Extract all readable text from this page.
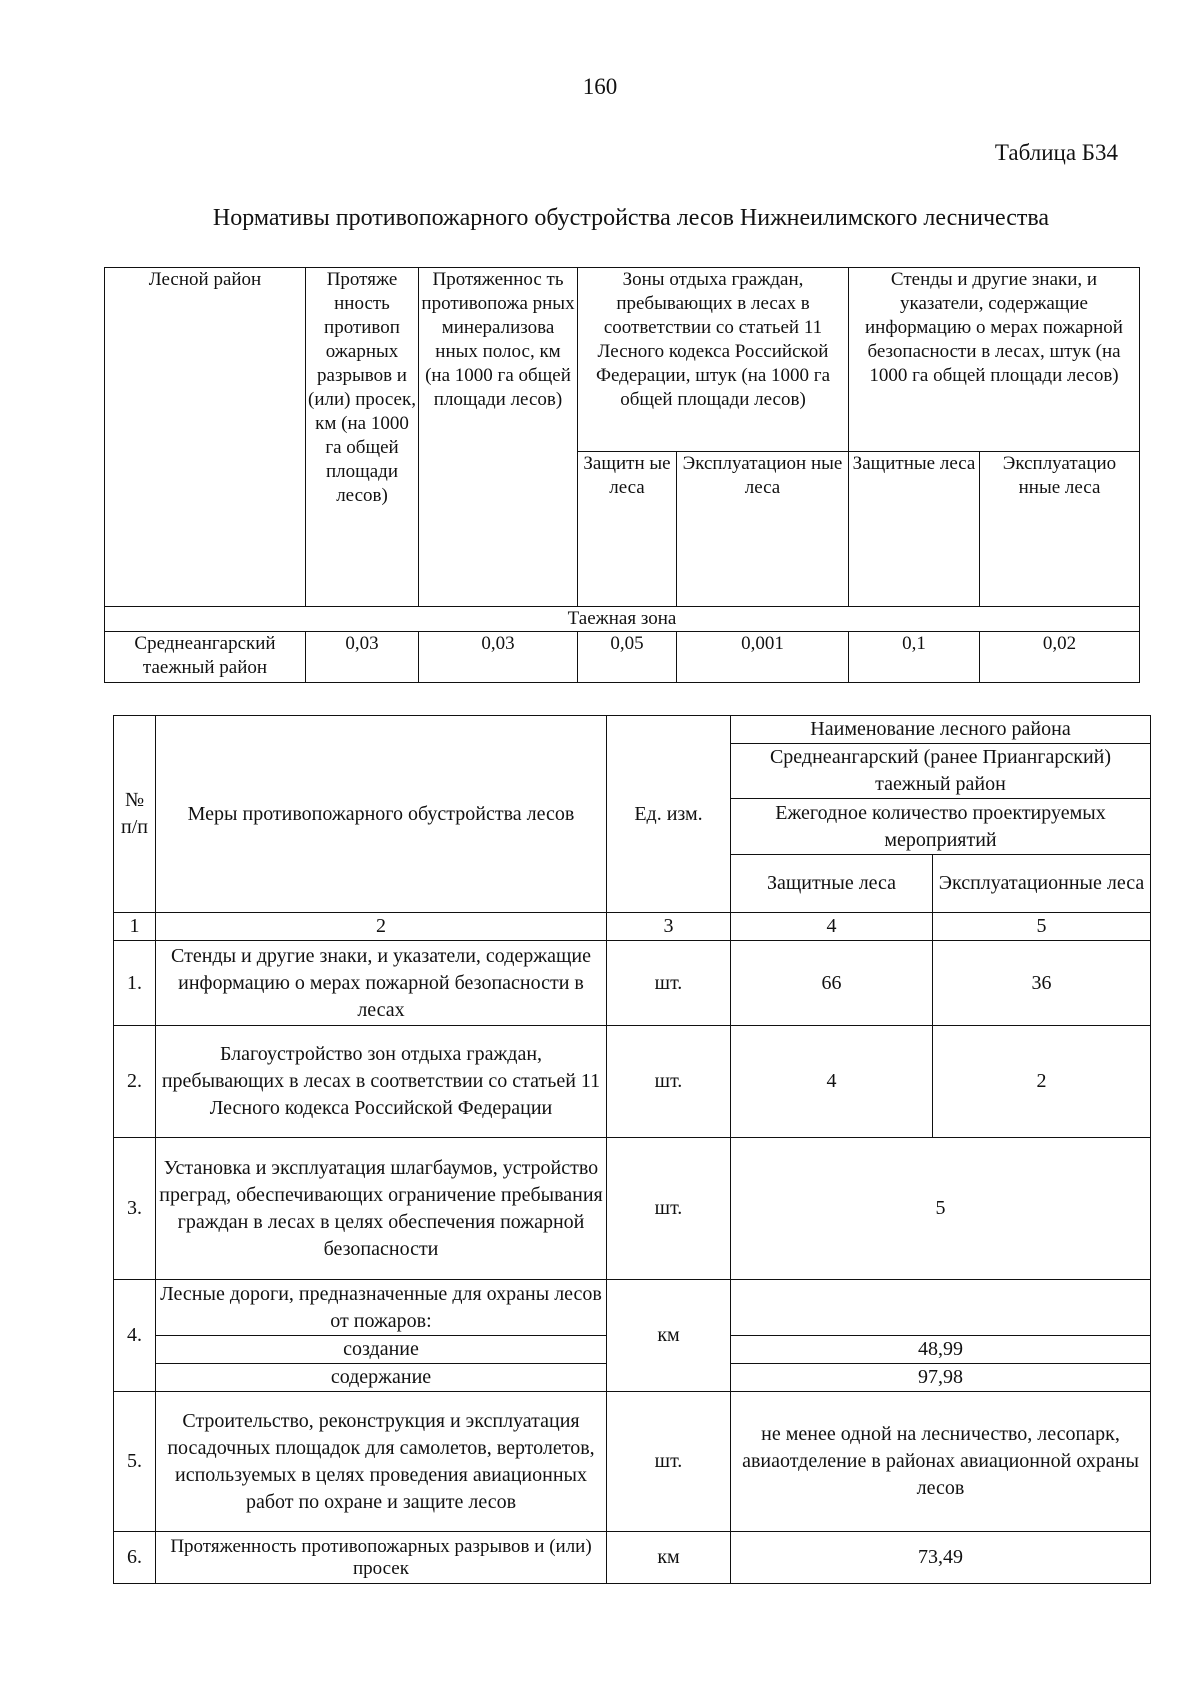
160
Таблица Б34
Нормативы противопожарного обустройства лесов Нижнеилимского лесничества
Лесной район	Протяже нность противоп ожарных разрывов и (или) просек, км (на 1000 га общей площади лесов)	Протяженнос ть противопожа рных минерализова нных полос, км (на 1000 га общей площади лесов)	Зоны отдыха граждан, пребывающих в лесах в соответствии со статьей 11 Лесного кодекса Российской Федерации, штук (на 1000 га общей площади лесов)		Стенды и другие знаки, и указатели, содержащие информацию о мерах пожарной безопасности в лесах, штук (на 1000 га общей площади лесов)	
			Защитн ые леса	Эксплуатацион ные леса	Защитные леса	Эксплуатацио нные леса
Таежная зона						
Среднеангарский таежный район	0,03	0,03	0,05	0,001	0,1	0,02
№ п/п	Меры противопожарного обустройства лесов	Ед. изм.	Наименование лесного района	
			Среднеангарский (ранее Приангарский) таежный район	
			Ежегодное количество проектируемых мероприятий	
			Защитные леса	Эксплуатационные леса
1	2	3	4	5
1.	Стенды и другие знаки, и указатели, содержащие информацию о мерах пожарной безопасности в лесах	шт.	66	36
2.	Благоустройство зон отдыха граждан, пребывающих в лесах в соответствии со статьей 11 Лесного кодекса Российской Федерации	шт.	4	2
3.	Установка и эксплуатация шлагбаумов, устройство преград, обеспечивающих ограничение пребывания граждан в лесах в целях обеспечения пожарной безопасности	шт.	5	
4.	Лесные дороги, предназначенные для охраны лесов от пожаров:	км		
	создание		48,99	
	содержание		97,98	
5.	Строительство, реконструкция и эксплуатация посадочных площадок для самолетов, вертолетов, используемых в целях проведения авиационных работ по охране и защите лесов	шт.	не менее одной на лесничество, лесопарк, авиаотделение в районах авиационной охраны лесов	
6.	Протяженность противопожарных разрывов и (или) просек	км	73,49	
